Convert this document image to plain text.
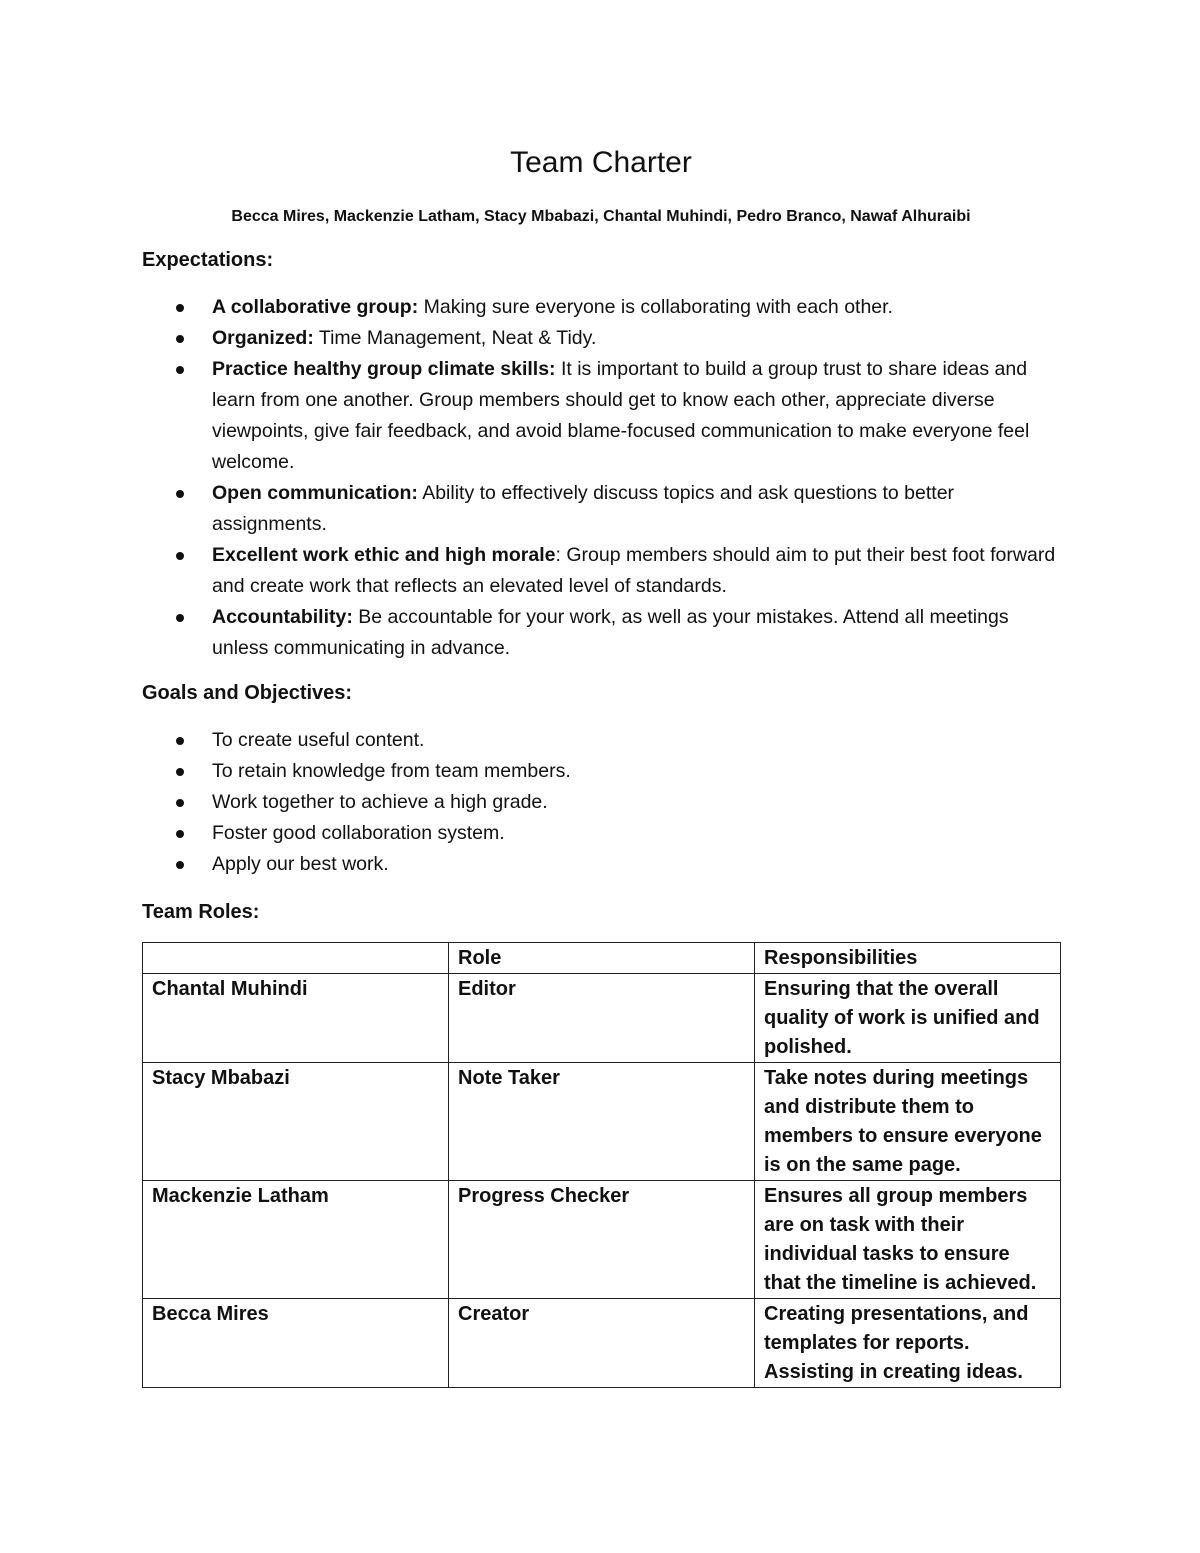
Team Charter

Becca Mires, Mackenzie Latham, Stacy Mbabazi, Chantal Muhindi, Pedro Branco, Nawaf Alhuraibi

Expectations:
A collaborative group: Making sure everyone is collaborating with each other.
Organized: Time Management, Neat & Tidy.
Practice healthy group climate skills: It is important to build a group trust to share ideas and learn from one another. Group members should get to know each other, appreciate diverse viewpoints, give fair feedback, and avoid blame-focused communication to make everyone feel welcome.
Open communication: Ability to effectively discuss topics and ask questions to better assignments.
Excellent work ethic and high morale: Group members should aim to put their best foot forward and create work that reflects an elevated level of standards.
Accountability: Be accountable for your work, as well as your mistakes. Attend all meetings unless communicating in advance.
Goals and Objectives:
To create useful content.
To retain knowledge from team members.
Work together to achieve a high grade.
Foster good collaboration system.
Apply our best work.
Team Roles:
	Role	Responsibilities
Chantal Muhindi	Editor	Ensuring that the overall quality of work is unified and polished.
Stacy Mbabazi	Note Taker	Take notes during meetings and distribute them to members to ensure everyone is on the same page.
Mackenzie Latham	Progress Checker	Ensures all group members are on task with their individual tasks to ensure that the timeline is achieved.
Becca Mires	Creator	Creating presentations, and templates for reports. Assisting in creating ideas.
